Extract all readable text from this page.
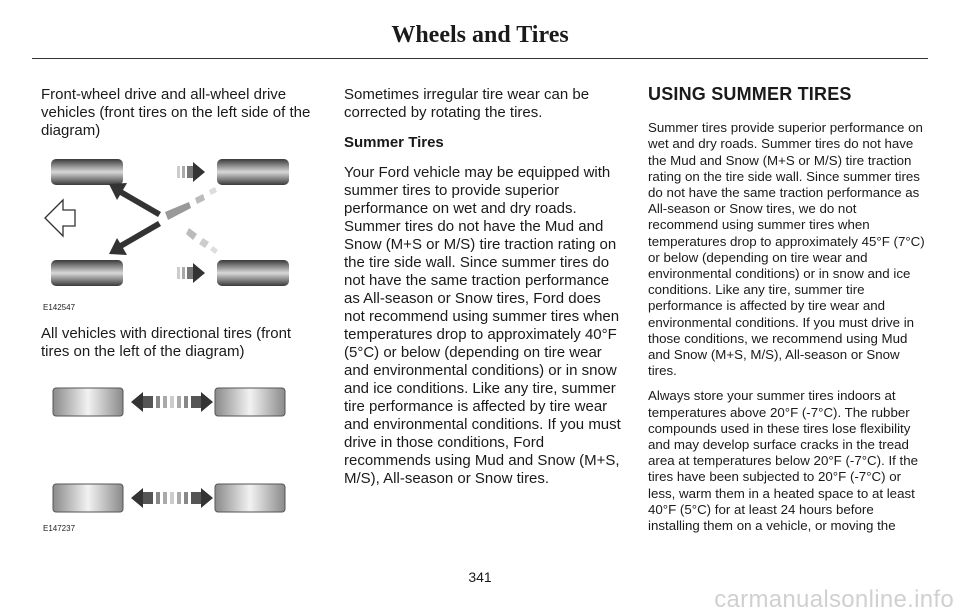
Wheels and Tires

Front-wheel drive and all-wheel drive vehicles (front tires on the left side of the diagram)

E142547

All vehicles with directional tires (front tires on the left of the diagram)

E147237

Sometimes irregular tire wear can be corrected by rotating the tires.

Summer Tires

Your Ford vehicle may be equipped with summer tires to provide superior performance on wet and dry roads. Summer tires do not have the Mud and Snow (M+S or M/S) tire traction rating on the tire side wall. Since summer tires do not have the same traction performance as All-season or Snow tires, Ford does not recommend using summer tires when temperatures drop to approximately 40°F (5°C) or below (depending on tire wear and environmental conditions) or in snow and ice conditions. Like any tire, summer tire performance is affected by tire wear and environmental conditions. If you must drive in those conditions, Ford recommends using Mud and Snow (M+S, M/S), All-season or Snow tires.

USING SUMMER TIRES

Summer tires provide superior performance on wet and dry roads. Summer tires do not have the Mud and Snow (M+S or M/S) tire traction rating on the tire side wall. Since summer tires do not have the same traction performance as All-season or Snow tires, we do not recommend using summer tires when temperatures drop to approximately 45°F (7°C) or below (depending on tire wear and environmental conditions) or in snow and ice conditions. Like any tire, summer tire performance is affected by tire wear and environmental conditions. If you must drive in those conditions, we recommend using Mud and Snow (M+S, M/S), All-season or Snow tires.

Always store your summer tires indoors at temperatures above 20°F (-7°C). The rubber compounds used in these tires lose flexibility and may develop surface cracks in the tread area at temperatures below 20°F (-7°C). If the tires have been subjected to 20°F (-7°C) or less, warm them in a heated space to at least 40°F (5°C) for at least 24 hours before installing them on a vehicle, or moving the

341
carmanualsonline.info
